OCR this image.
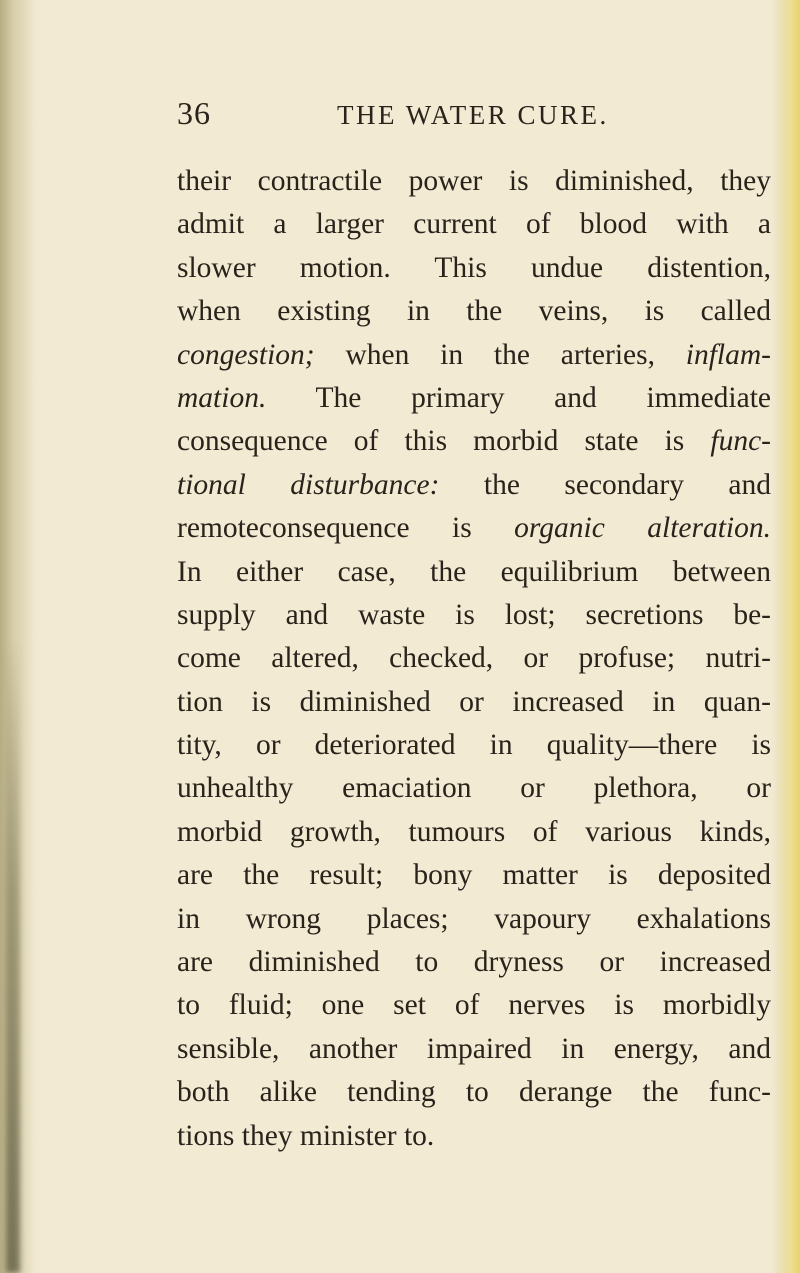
36	THE WATER CURE.
their contractile power is diminished, they
admit a larger current of blood with a
slower motion. This undue distention,
when existing in the veins, is called
congestion; when in the arteries, inflam-
mation. The primary and immediate
consequence of this morbid state is func-
tional disturbance: the secondary and
remoteconsequence is organic alteration.
In either case, the equilibrium between
supply and waste is lost; secretions be-
come altered, checked, or profuse; nutri-
tion is diminished or increased in quan-
tity, or deteriorated in quality—there is
unhealthy emaciation or plethora, or
morbid growth, tumours of various kinds,
are the result; bony matter is deposited
in wrong places; vapoury exhalations
are diminished to dryness or increased
to fluid; one set of nerves is morbidly
sensible, another impaired in energy, and
both alike tending to derange the func-
tions they minister to.
